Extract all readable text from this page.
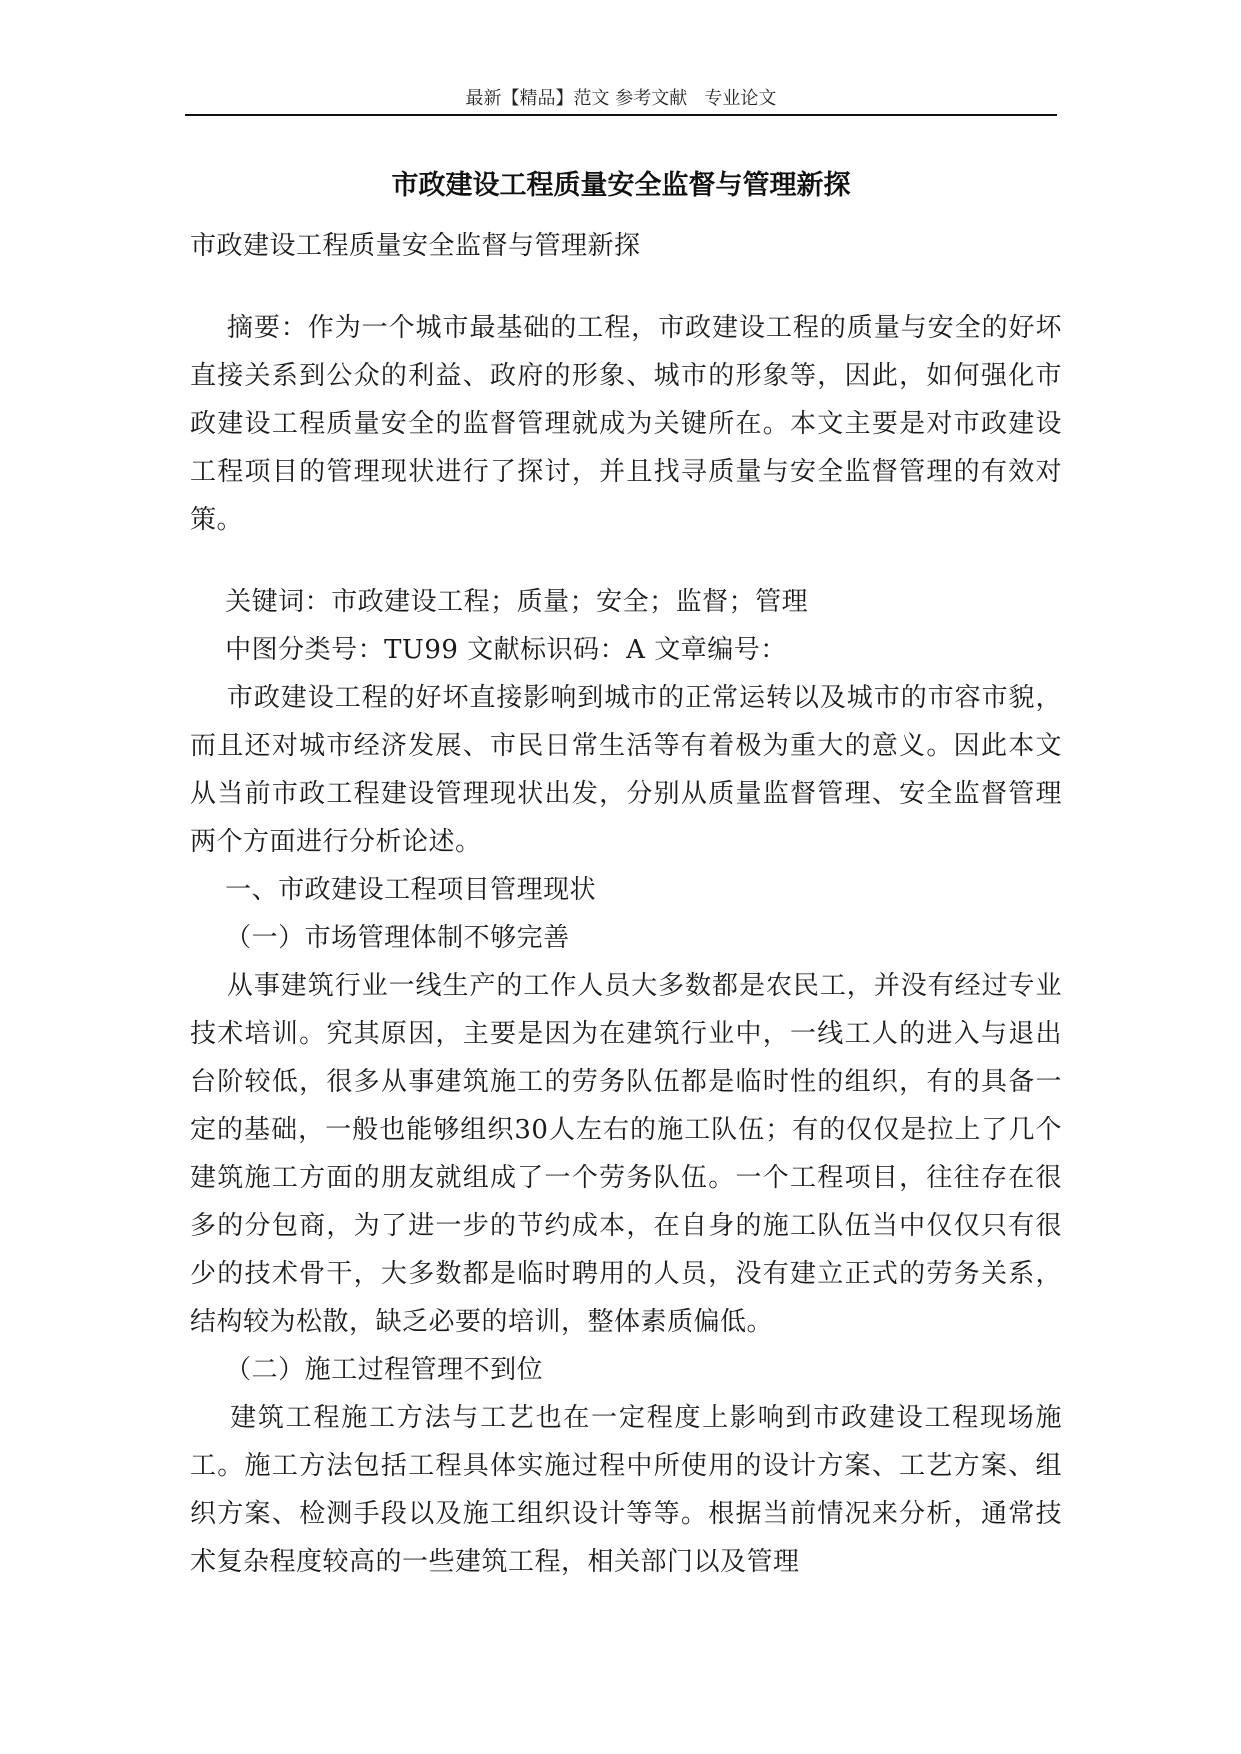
最新【精品】范文 参考文献   专业论文
市政建设工程质量安全监督与管理新探

市政建设工程质量安全监督与管理新探

摘要：作为一个城市最基础的工程，市政建设工程的质量与安全的好坏直接关系到公众的利益、政府的形象、城市的形象等，因此，如何强化市政建设工程质量安全的监督管理就成为关键所在。本文主要是对市政建设工程项目的管理现状进行了探讨，并且找寻质量与安全监督管理的有效对策。

关键词：市政建设工程；质量；安全；监督；管理

中图分类号：TU99 文献标识码：A 文章编号：

市政建设工程的好坏直接影响到城市的正常运转以及城市的市容市貌，而且还对城市经济发展、市民日常生活等有着极为重大的意义。因此本文从当前市政工程建设管理现状出发，分别从质量监督管理、安全监督管理两个方面进行分析论述。

一、市政建设工程项目管理现状

（一）市场管理体制不够完善

从事建筑行业一线生产的工作人员大多数都是农民工，并没有经过专业技术培训。究其原因，主要是因为在建筑行业中，一线工人的进入与退出台阶较低，很多从事建筑施工的劳务队伍都是临时性的组织，有的具备一定的基础，一般也能够组织30人左右的施工队伍；有的仅仅是拉上了几个建筑施工方面的朋友就组成了一个劳务队伍。一个工程项目，往往存在很多的分包商，为了进一步的节约成本，在自身的施工队伍当中仅仅只有很少的技术骨干，大多数都是临时聘用的人员，没有建立正式的劳务关系，结构较为松散，缺乏必要的培训，整体素质偏低。

（二）施工过程管理不到位

建筑工程施工方法与工艺也在一定程度上影响到市政建设工程现场施工。施工方法包括工程具体实施过程中所使用的设计方案、工艺方案、组织方案、检测手段以及施工组织设计等等。根据当前情况来分析，通常技术复杂程度较高的一些建筑工程，相关部门以及管理
